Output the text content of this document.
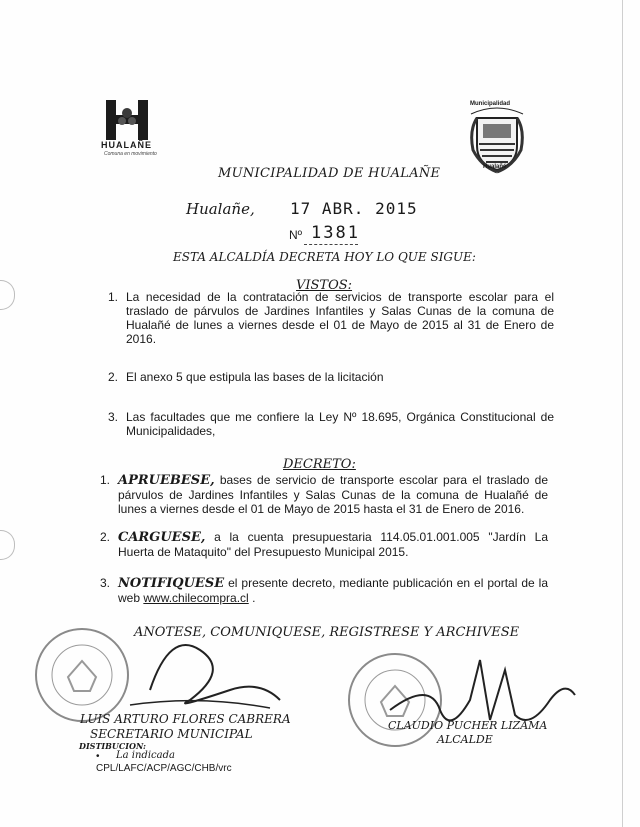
HUALAÑE
Comuna en movimiento
Municipalidad
Hualañé
MUNICIPALIDAD DE HUALAÑE
Hualañe, 17 ABR. 2015
Nº 1381
ESTA ALCALDÍA DECRETA HOY LO QUE SIGUE:
VISTOS:
1. La necesidad de la contratación de servicios de transporte escolar para el traslado de párvulos de Jardines Infantiles y Salas Cunas de la comuna de Hualañé de lunes a viernes desde el 01 de Mayo de 2015 al 31 de Enero de 2016.
2. El anexo 5 que estipula las bases de la licitación
3. Las facultades que me confiere la Ley Nº 18.695, Orgánica Constitucional de Municipalidades,
DECRETO:
1. APRUEBESE, bases de servicio de transporte escolar para el traslado de párvulos de Jardines Infantiles y Salas Cunas de la comuna de Hualañé de lunes a viernes desde el 01 de Mayo de 2015 hasta el 31 de Enero de 2016.
2. CARGUESE, a la cuenta presupuestaria 114.05.01.001.005 "Jardín La Huerta de Mataquito" del Presupuesto Municipal 2015.
3. NOTIFIQUESE el presente decreto, mediante publicación en el portal de la web www.chilecompra.cl .
ANOTESE, COMUNIQUESE, REGISTRESE Y ARCHIVESE
LUIS ARTURO FLORES CABRERA
SECRETARIO MUNICIPAL
DISTIBUCION:
• La indicada
CPL/LAFC/ACP/AGC/CHB/vrc
CLAUDIO PUCHER LIZAMA
ALCALDE
